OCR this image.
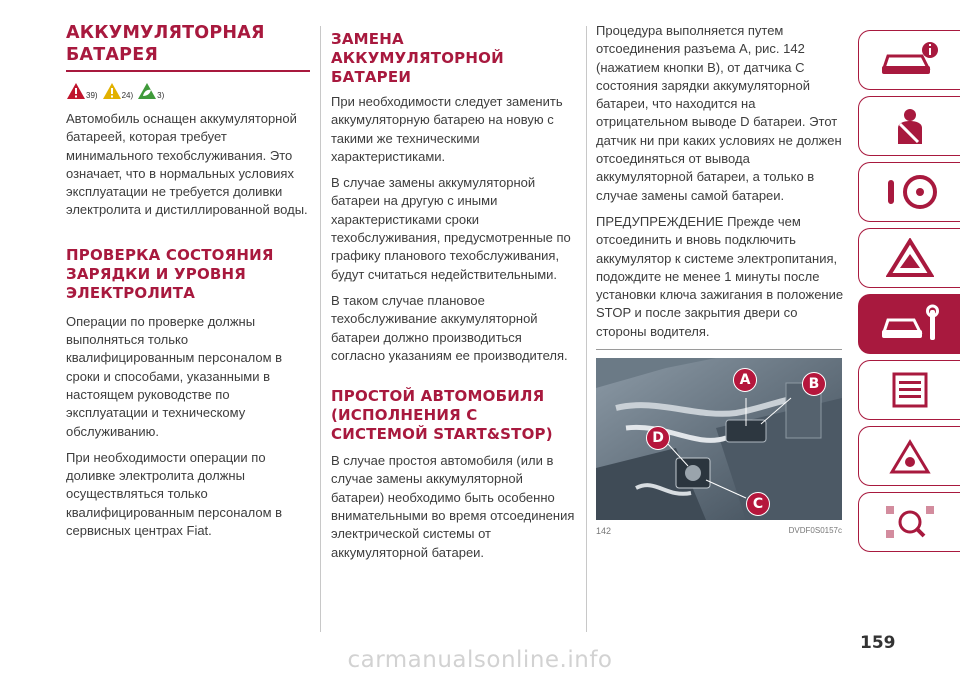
АККУМУЛЯТОРНАЯ БАТАРЕЯ
39)	24)	3)

Автомобиль оснащен аккумуляторной батареей, которая требует минимального техобслуживания. Это означает, что в нормальных условиях эксплуатации не требуется доливки электролита и дистиллированной воды.

ПРОВЕРКА СОСТОЯНИЯ ЗАРЯДКИ И УРОВНЯ ЭЛЕКТРОЛИТА

Операции по проверке должны выполняться только квалифицированным персоналом в сроки и способами, указанными в настоящем руководстве по эксплуатации и техническому обслуживанию.

При необходимости операции по доливке электролита должны осуществляться только квалифицированным персоналом в сервисных центрах Fiat.

ЗАМЕНА АККУМУЛЯТОРНОЙ БАТАРЕИ

При необходимости следует заменить аккумуляторную батарею на новую с такими же техническими характеристиками.

В случае замены аккумуляторной батареи на другую с иными характеристиками сроки техобслуживания, предусмотренные по графику планового техобслуживания, будут считаться недействительными.

В таком случае плановое техобслуживание аккумуляторной батареи должно производиться согласно указаниям ее производителя.

ПРОСТОЙ АВТОМОБИЛЯ (ИСПОЛНЕНИЯ С СИСТЕМОЙ START&STOP)

В случае простоя автомобиля (или в случае замены аккумуляторной батареи) необходимо быть особенно внимательными во время отсоединения электрической системы от аккумуляторной батареи.

Процедура выполняется путем отсоединения разъема A, рис. 142 (нажатием кнопки B), от датчика C состояния зарядки аккумуляторной батареи, что находится на отрицательном выводе D батареи. Этот датчик ни при каких условиях не должен отсоединяться от вывода аккумуляторной батареи, а только в случае замены самой батареи.

ПРЕДУПРЕЖДЕНИЕ Прежде чем отсоединить и вновь подключить аккумулятор к системе электропитания, подождите не менее 1 минуты после установки ключа зажигания в положение STOP и после закрытия двери со стороны водителя.

A	B
C
D
142	DVDF0S0157c
159
carmanualsonline.info
